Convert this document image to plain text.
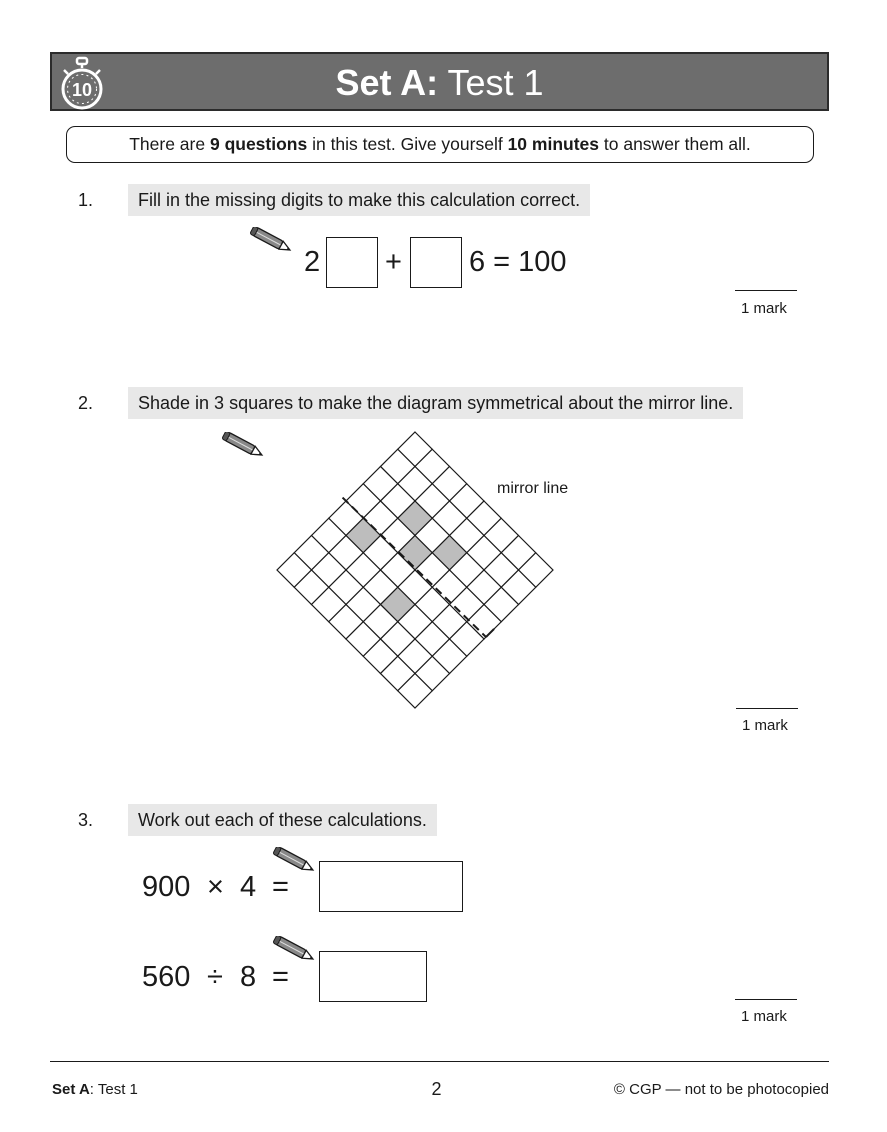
10	Set A: Test 1
There are 9 questions in this test. Give yourself 10 minutes to answer them all.
1.	Fill in the missing digits to make this calculation correct.
2 + 6 = 100
1 mark
2.	Shade in 3 squares to make the diagram symmetrical about the mirror line.
mirror line
1 mark
3.	Work out each of these calculations.
900 × 4 =
560 ÷ 8 =
1 mark
Set A: Test 1	2	© CGP — not to be photocopied
